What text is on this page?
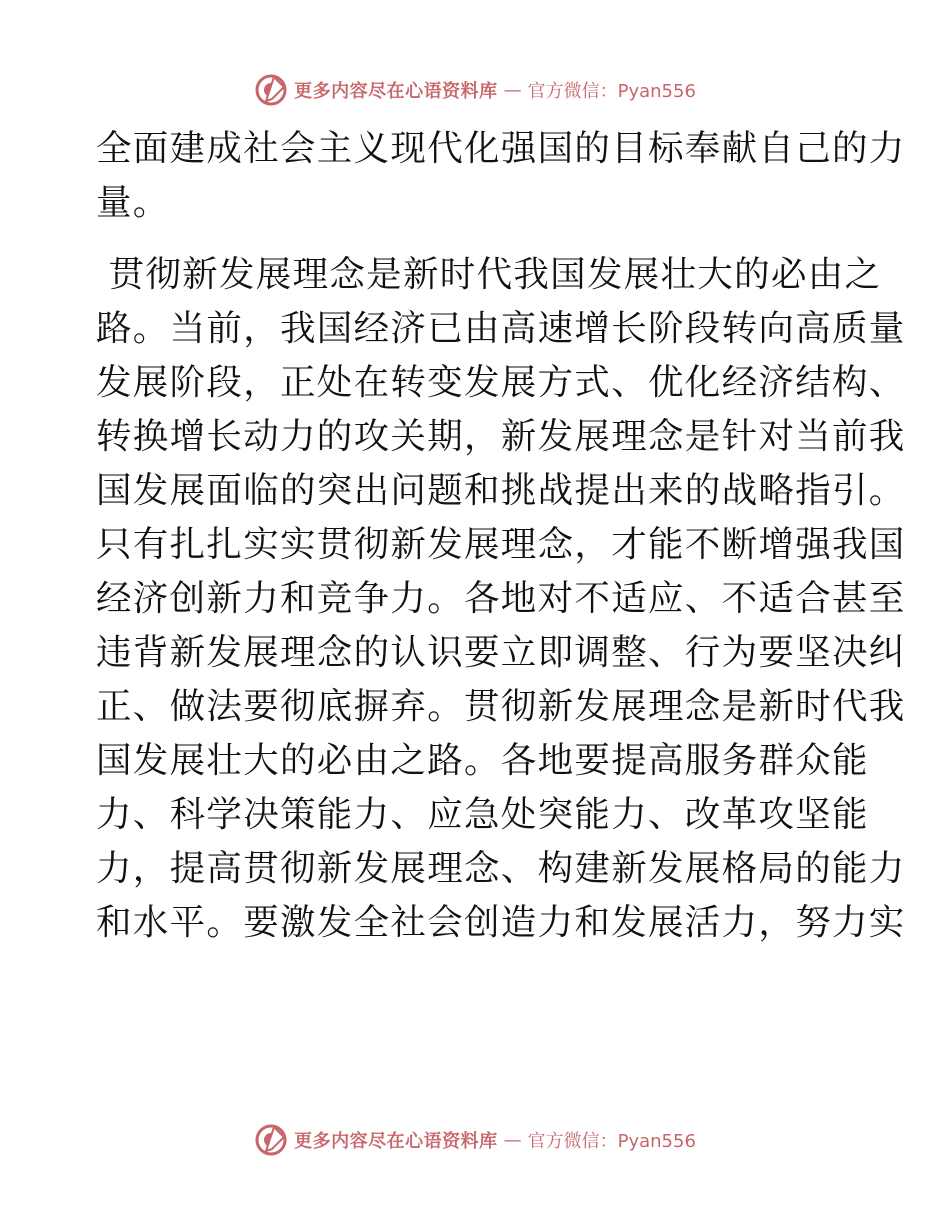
更多内容尽在心语资料库 — 官方微信：Pyan556
全面建成社会主义现代化强国的目标奉献自己的力
量。
贯彻新发展理念是新时代我国发展壮大的必由之
路。当前，我国经济已由高速增长阶段转向高质量
发展阶段，正处在转变发展方式、优化经济结构、
转换增长动力的攻关期，新发展理念是针对当前我
国发展面临的突出问题和挑战提出来的战略指引。
只有扎扎实实贯彻新发展理念，才能不断增强我国
经济创新力和竞争力。各地对不适应、不适合甚至
违背新发展理念的认识要立即调整、行为要坚决纠
正、做法要彻底摒弃。贯彻新发展理念是新时代我
国发展壮大的必由之路。各地要提高服务群众能
力、科学决策能力、应急处突能力、改革攻坚能
力，提高贯彻新发展理念、构建新发展格局的能力
和水平。要激发全社会创造力和发展活力，努力实
更多内容尽在心语资料库 — 官方微信：Pyan556
